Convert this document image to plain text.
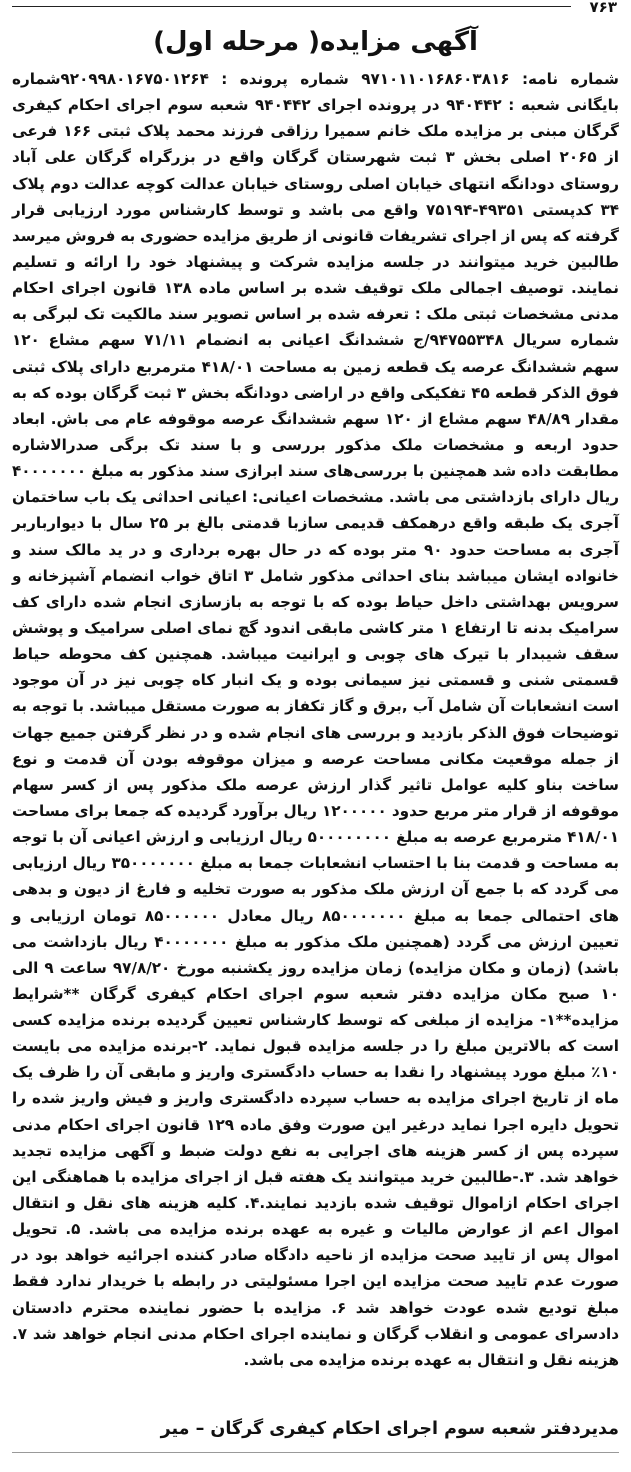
۷۶۳
آگهی مزایده( مرحله اول)

شماره نامه: ۹۷۱۰۱۱۰۱۶۸۶۰۳۸۱۶ شماره پرونده : ۹۲۰۹۹۸۰۱۶۷۵۰۱۲۶۴شماره بایگانی شعبه : ۹۴۰۴۴۲ در پرونده اجرای ۹۴۰۴۴۲ شعبه سوم اجرای احکام کیفری گرگان مبنی بر مزایده ملک خانم سمیرا رزاقی فرزند محمد پلاک ثبتی ۱۶۶ فرعی از ۲۰۶۵ اصلی بخش ۳ ثبت شهرستان گرگان واقع در بزرگراه گرگان علی آباد روستای دودانگه انتهای خیابان اصلی روستای خیابان عدالت کوچه عدالت دوم پلاک ۳۴ کدپستی ۴۹۳۵۱-۷۵۱۹۴ واقع می باشد و توسط کارشناس مورد ارزیابی قرار گرفته که پس از اجرای تشریفات قانونی از طریق مزایده حضوری به فروش میرسد طالبین خرید میتوانند در جلسه مزایده شرکت و پیشنهاد خود را ارائه و تسلیم نمایند. توصیف اجمالی ملک توقیف شده بر اساس ماده ۱۳۸ قانون اجرای احکام مدنی مشخصات ثبتی ملک : تعرفه شده بر اساس تصویر سند مالکیت تک لبرگی به شماره سریال ۹۴۷۵۵۳۴۸/ج ششدانگ اعیانی به انضمام ۷۱/۱۱ سهم مشاع ۱۲۰ سهم ششدانگ عرصه یک قطعه زمین به مساحت ۴۱۸/۰۱ مترمربع دارای پلاک ثبتی فوق الذکر قطعه ۴۵ تفکیکی واقع در اراضی دودانگه بخش ۳ ثبت گرگان بوده که به مقدار ۴۸/۸۹ سهم مشاع از ۱۲۰ سهم ششدانگ عرصه موقوفه عام می باش. ابعاد حدود اربعه و مشخصات ملک مذکور بررسی و با سند تک برگی صدرالاشاره مطابقت داده شد همچنین با بررسی‌های سند ابرازی سند مذکور به مبلغ ۴۰۰۰۰۰۰۰ ریال دارای بازداشتی می باشد. مشخصات اعیانی: اعیانی احداثی یک باب ساختمان آجری یک طبقه واقع درهمکف قدیمی سازبا قدمتی بالغ بر ۲۵ سال با دیوارباربر آجری به مساحت حدود ۹۰ متر بوده که در حال بهره برداری و در ید مالک سند و خانواده ایشان میباشد بنای احداثی مذکور شامل ۳ اتاق خواب انضمام آشپزخانه و سرویس بهداشتی داخل حیاط بوده که با توجه به بازسازی انجام شده دارای کف سرامیک بدنه تا ارتفاع ۱ متر کاشی مابقی اندود گچ نمای اصلی سرامیک و پوشش سقف شیبدار با تیرک های چوبی و ایرانیت میباشد. همچنین کف محوطه حیاط قسمتی شنی و قسمتی نیز سیمانی بوده و یک انبار کاه چوبی نیز در آن موجود است انشعابات آن شامل آب ,برق و گاز تکفاز به صورت مستقل میباشد. با توجه به توضیحات فوق الذکر بازدید و بررسی های انجام شده و در نظر گرفتن جمیع جهات از جمله موقعیت مکانی مساحت عرصه و میزان موقوفه بودن آن قدمت و نوع ساخت بناو کلیه عوامل تاثیر گذار ارزش عرصه ملک مذکور پس از کسر سهام موقوفه از قرار متر مربع حدود ۱۲۰۰۰۰۰ ریال برآورد گردیده که جمعا برای مساحت ۴۱۸/۰۱ مترمربع عرصه به مبلغ ۵۰۰۰۰۰۰۰۰ ریال ارزیابی و ارزش اعیانی آن با توجه به مساحت و قدمت بنا با احتساب انشعابات جمعا به مبلغ ۳۵۰۰۰۰۰۰۰ ریال ارزیابی می گردد که با جمع آن ارزش ملک مذکور به صورت تخلیه و فارغ از دیون و بدهی های احتمالی جمعا به مبلغ ۸۵۰۰۰۰۰۰۰ ریال معادل ۸۵۰۰۰۰۰۰ تومان ارزیابی و تعیین ارزش می گردد (همچنین ملک مذکور به مبلغ ۴۰۰۰۰۰۰۰ ریال بازداشت می باشد) (زمان و مکان مزایده) زمان مزایده روز یکشنبه مورخ ۹۷/۸/۲۰ ساعت ۹ الی ۱۰ صبح مکان مزایده دفتر شعبه سوم اجرای احکام کیفری گرگان **شرایط مزایده**۱- مزایده از مبلغی که توسط کارشناس تعیین گردیده برنده مزایده کسی است که بالاترین مبلغ را در جلسه مزایده قبول نماید. ۲-برنده مزایده می بایست ۱۰٪ مبلغ مورد پیشنهاد را نقدا به حساب دادگستری واریز و مابقی آن را ظرف یک ماه از تاریخ اجرای مزایده به حساب سپرده دادگستری واریز و فیش واریز شده را تحویل دایره اجرا نماید درغیر این صورت وفق ماده ۱۲۹ قانون اجرای احکام مدنی سپرده پس از کسر هزینه های اجرایی به نفع دولت ضبط و آگهی مزایده تجدید خواهد شد. ۳.-طالبین خرید میتوانند یک هفته قبل از اجرای مزایده با هماهنگی این اجرای احکام ازاموال توقیف شده بازدید نمایند.۴. کلیه هزینه های نقل و انتقال اموال اعم از عوارض مالیات و غیره به عهده برنده مزایده می باشد. ۵. تحویل اموال پس از تایید صحت مزایده از ناحیه دادگاه صادر کننده اجرائیه خواهد بود در صورت عدم تایید صحت مزایده این اجرا مسئولیتی در رابطه با خریدار ندارد فقط مبلغ تودیع شده عودت خواهد شد ۶. مزایده با حضور نماینده محترم دادستان دادسرای عمومی و انقلاب گرگان و نماینده اجرای احکام مدنی انجام خواهد شد ۷. هزینه نقل و انتقال به عهده برنده مزایده می باشد.

مدیردفتر شعبه سوم اجرای احکام کیفری گرگان – میر
